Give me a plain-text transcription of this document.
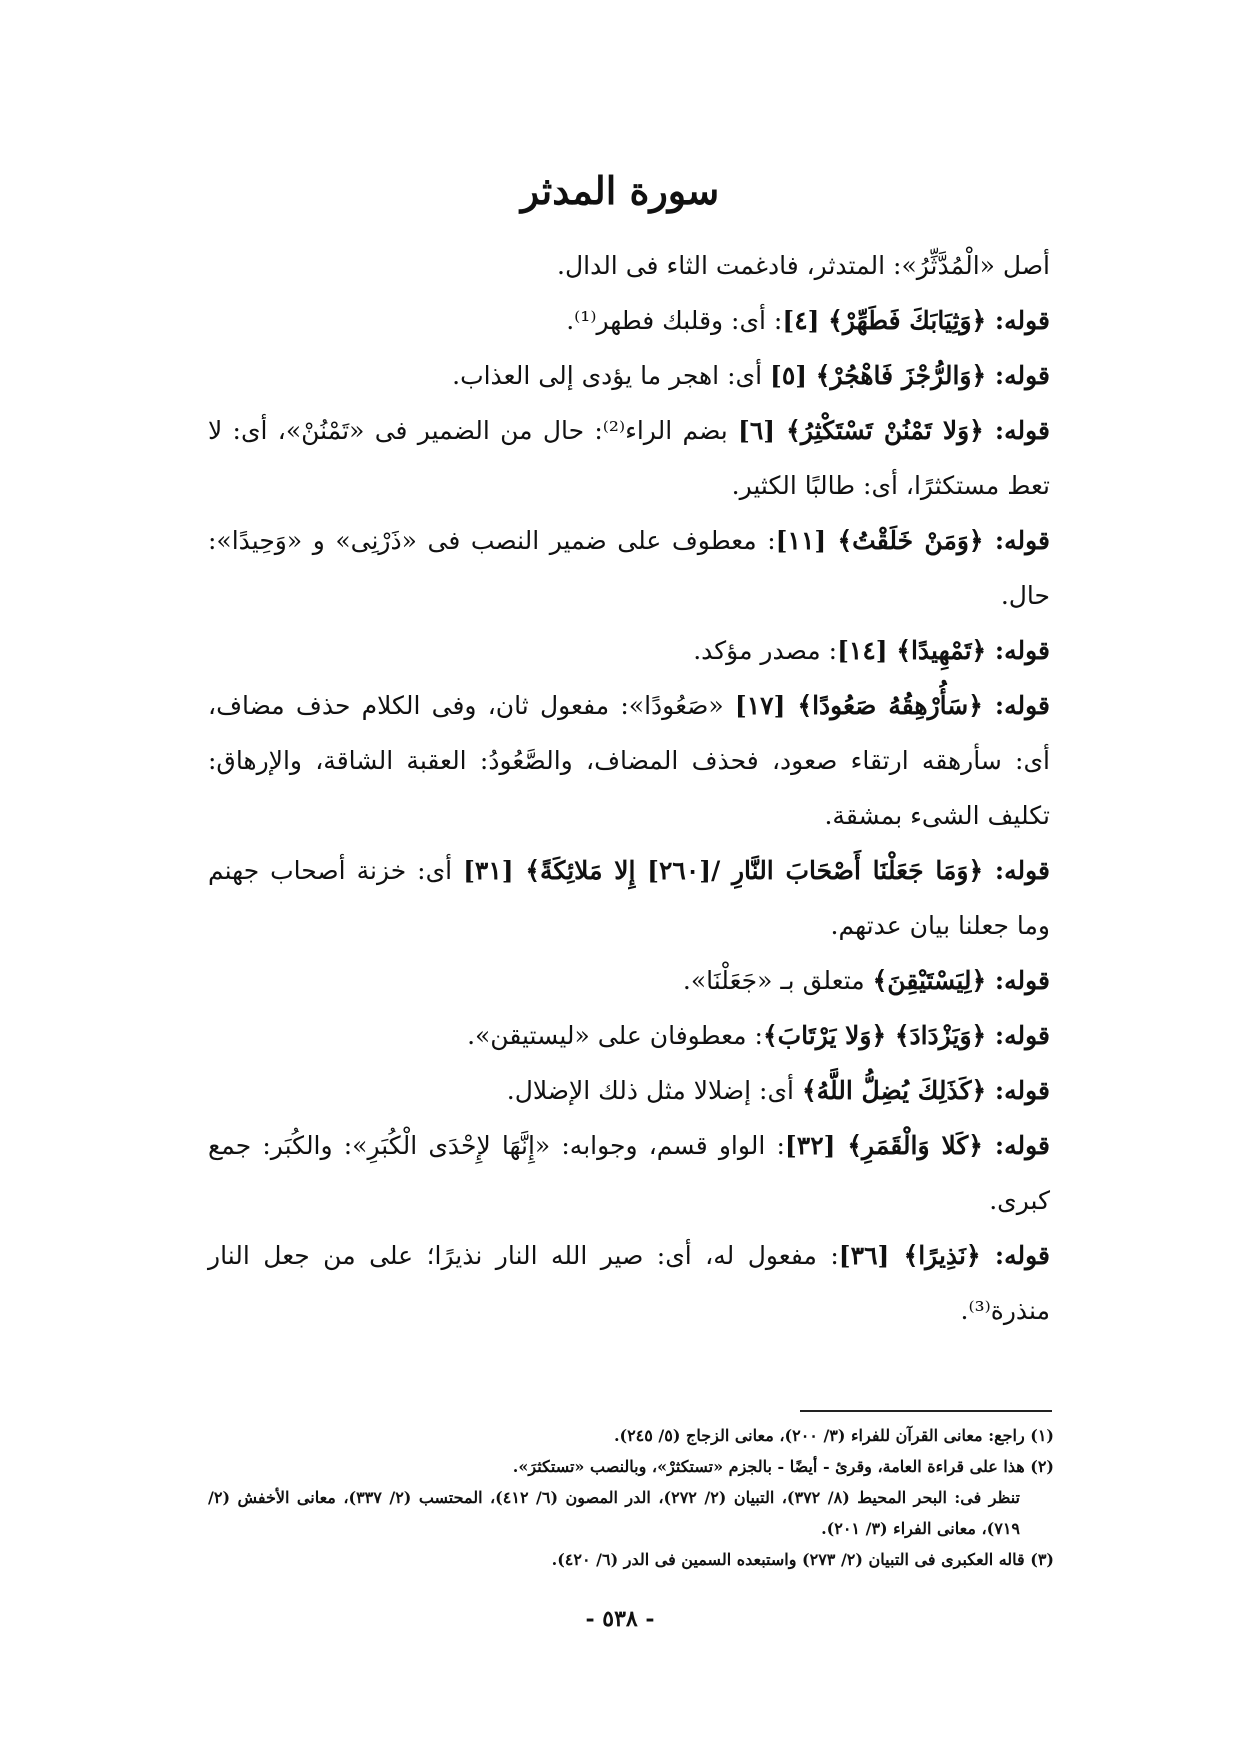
سورة المدثر

أصل «الْمُدَّثِّرُ»: المتدثر، فادغمت الثاء فى الدال.

قوله: ﴿وَثِيَابَكَ فَطَهِّرْ﴾ [٤]: أى: وقلبك فطهر⁽¹⁾.

قوله: ﴿وَالرُّجْزَ فَاهْجُرْ﴾ [٥] أى: اهجر ما يؤدى إلى العذاب.

قوله: ﴿وَلا تَمْنُنْ تَسْتَكْثِرُ﴾ [٦] بضم الراء⁽²⁾: حال من الضمير فى «تَمْنُنْ»، أى: لا تعط مستكثرًا، أى: طالبًا الكثير.

قوله: ﴿وَمَنْ خَلَقْتُ﴾ [١١]: معطوف على ضمير النصب فى «ذَرْنِى» و «وَحِيدًا»: حال.

قوله: ﴿تَمْهِيدًا﴾ [١٤]: مصدر مؤكد.

قوله: ﴿سَأُرْهِقُهُ صَعُودًا﴾ [١٧] «صَعُودًا»: مفعول ثان، وفى الكلام حذف مضاف، أى: سأرهقه ارتقاء صعود، فحذف المضاف، والصَّعُودُ: العقبة الشاقة، والإرهاق: تكليف الشىء بمشقة.

قوله: ﴿وَمَا جَعَلْنَا أَصْحَابَ النَّارِ /[٢٦٠] إِلا مَلائِكَةً﴾ [٣١] أى: خزنة أصحاب جهنم وما جعلنا بيان عدتهم.

قوله: ﴿لِيَسْتَيْقِنَ﴾ متعلق بـ «جَعَلْنَا».

قوله: ﴿وَيَزْدَادَ﴾ ﴿وَلا يَرْتَابَ﴾: معطوفان على «ليستيقن».

قوله: ﴿كَذَلِكَ يُضِلُّ اللَّهُ﴾ أى: إضلالا مثل ذلك الإضلال.

قوله: ﴿كَلا وَالْقَمَرِ﴾ [٣٢]: الواو قسم، وجوابه: «إِنَّهَا لإِحْدَى الْكُبَرِ»: والكُبَر: جمع كبرى.

قوله: ﴿نَذِيرًا﴾ [٣٦]: مفعول له، أى: صير الله النار نذيرًا؛ على من جعل النار منذرة⁽³⁾.

(١) راجع: معانى القرآن للفراء (٣/ ٢٠٠)، معانى الزجاج (٥/ ٢٤٥).

(٢) هذا على قراءة العامة، وقرئ - أيضًا - بالجزم «تستكثرْ»، وبالنصب «تستكثرَ».

تنظر فى: البحر المحيط (٨/ ٣٧٢)، التبيان (٢/ ٢٧٢)، الدر المصون (٦/ ٤١٢)، المحتسب (٢/ ٣٣٧)، معانى الأخفش (٢/ ٧١٩)، معانى الفراء (٣/ ٢٠١).

(٣) قاله العكبرى فى التبيان (٢/ ٢٧٣) واستبعده السمين فى الدر (٦/ ٤٢٠).

- ٥٣٨ -
